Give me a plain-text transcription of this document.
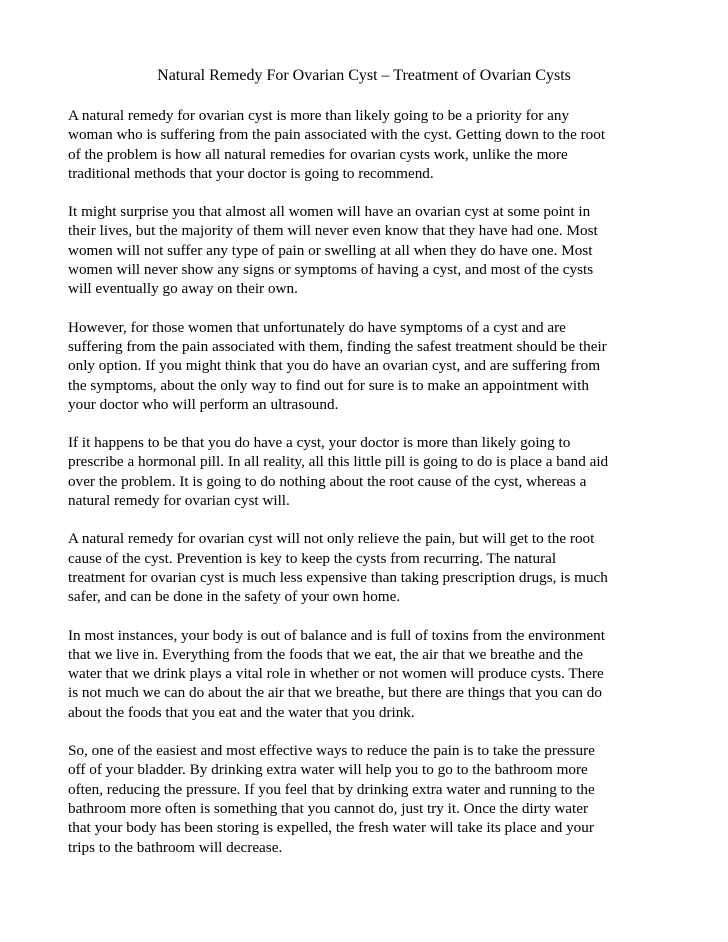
Natural Remedy For Ovarian Cyst – Treatment of Ovarian Cysts

A natural remedy for ovarian cyst is more than likely going to be a priority for any
woman who is suffering from the pain associated with the cyst. Getting down to the root
of the problem is how all natural remedies for ovarian cysts work, unlike the more
traditional methods that your doctor is going to recommend.

It might surprise you that almost all women will have an ovarian cyst at some point in
their lives, but the majority of them will never even know that they have had one. Most
women will not suffer any type of pain or swelling at all when they do have one. Most
women will never show any signs or symptoms of having a cyst, and most of the cysts
will eventually go away on their own.

However, for those women that unfortunately do have symptoms of a cyst and are
suffering from the pain associated with them, finding the safest treatment should be their
only option. If you might think that you do have an ovarian cyst, and are suffering from
the symptoms, about the only way to find out for sure is to make an appointment with
your doctor who will perform an ultrasound.

If it happens to be that you do have a cyst, your doctor is more than likely going to
prescribe a hormonal pill. In all reality, all this little pill is going to do is place a band aid
over the problem. It is going to do nothing about the root cause of the cyst, whereas a
natural remedy for ovarian cyst will.

A natural remedy for ovarian cyst will not only relieve the pain, but will get to the root
cause of the cyst. Prevention is key to keep the cysts from recurring. The natural
treatment for ovarian cyst is much less expensive than taking prescription drugs, is much
safer, and can be done in the safety of your own home.

In most instances, your body is out of balance and is full of toxins from the environment
that we live in. Everything from the foods that we eat, the air that we breathe and the
water that we drink plays a vital role in whether or not women will produce cysts. There
is not much we can do about the air that we breathe, but there are things that you can do
about the foods that you eat and the water that you drink.

So, one of the easiest and most effective ways to reduce the pain is to take the pressure
off of your bladder. By drinking extra water will help you to go to the bathroom more
often, reducing the pressure. If you feel that by drinking extra water and running to the
bathroom more often is something that you cannot do, just try it. Once the dirty water
that your body has been storing is expelled, the fresh water will take its place and your
trips to the bathroom will decrease.
